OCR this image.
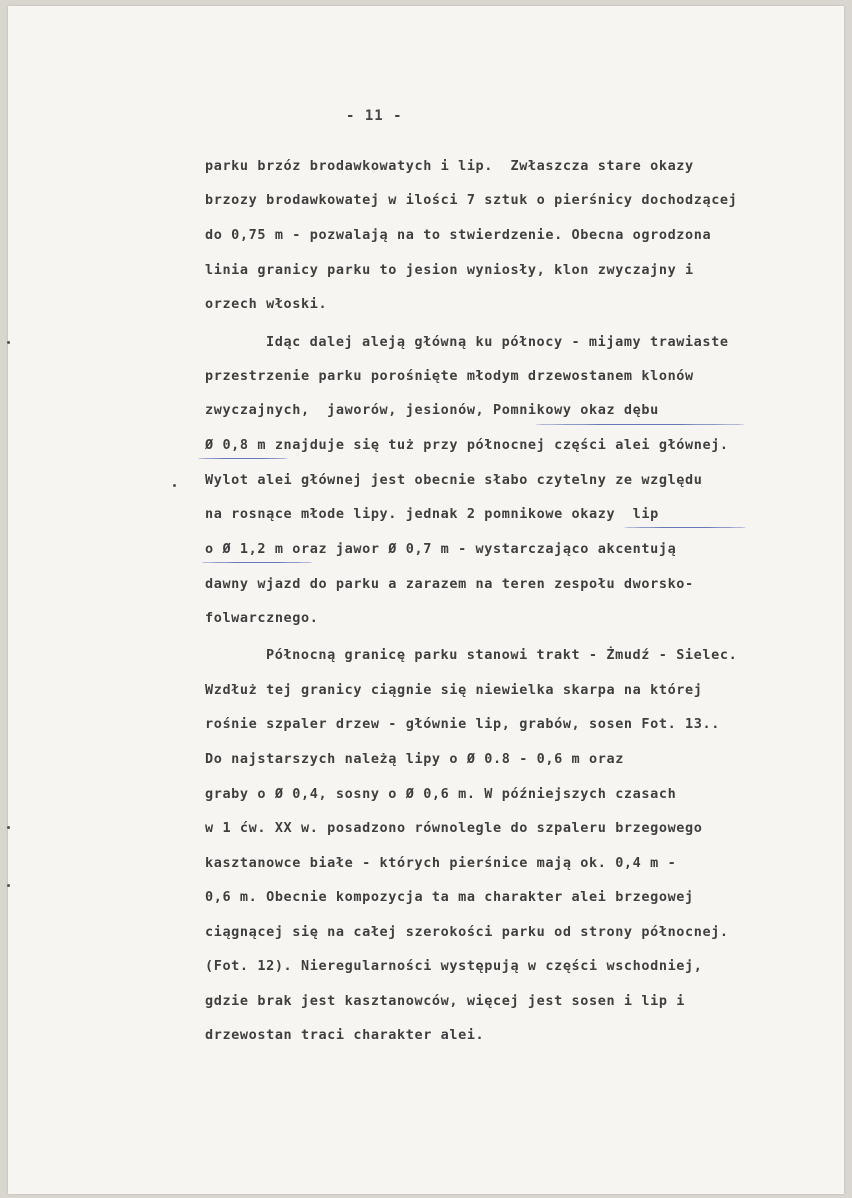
- 11 -
parku brzóz brodawkowatych i lip.  Zwłaszcza stare okazy
brzozy brodawkowatej w ilości 7 sztuk o pierśnicy dochodzącej
do 0,75 m - pozwalają na to stwierdzenie. Obecna ogrodzona
linia granicy parku to jesion wyniosły, klon zwyczajny i
orzech włoski.
Idąc dalej aleją główną ku północy - mijamy trawiaste
przestrzenie parku porośnięte młodym drzewostanem klonów
zwyczajnych,  jaworów, jesionów, Pomnikowy okaz dębu
Ø 0,8 m znajduje się tuż przy północnej części alei głównej.
Wylot alei głównej jest obecnie słabo czytelny ze względu
na rosnące młode lipy. jednak 2 pomnikowe okazy  lip
o Ø 1,2 m oraz jawor Ø 0,7 m - wystarczająco akcentują
dawny wjazd do parku a zarazem na teren zespołu dworsko-
folwarcznego.
Północną granicę parku stanowi trakt - Żmudź - Sielec.
Wzdłuż tej granicy ciągnie się niewielka skarpa na której
rośnie szpaler drzew - głównie lip, grabów, sosen Fot. 13..
Do najstarszych należą lipy o Ø 0.8 - 0,6 m oraz
graby o Ø 0,4, sosny o Ø 0,6 m. W późniejszych czasach
w 1 ćw. XX w. posadzono równolegle do szpaleru brzegowego
kasztanowce białe - których pierśnice mają ok. 0,4 m -
0,6 m. Obecnie kompozycja ta ma charakter alei brzegowej
ciągnącej się na całej szerokości parku od strony północnej.
(Fot. 12). Nieregularności występują w części wschodniej,
gdzie brak jest kasztanowców, więcej jest sosen i lip i
drzewostan traci charakter alei.
